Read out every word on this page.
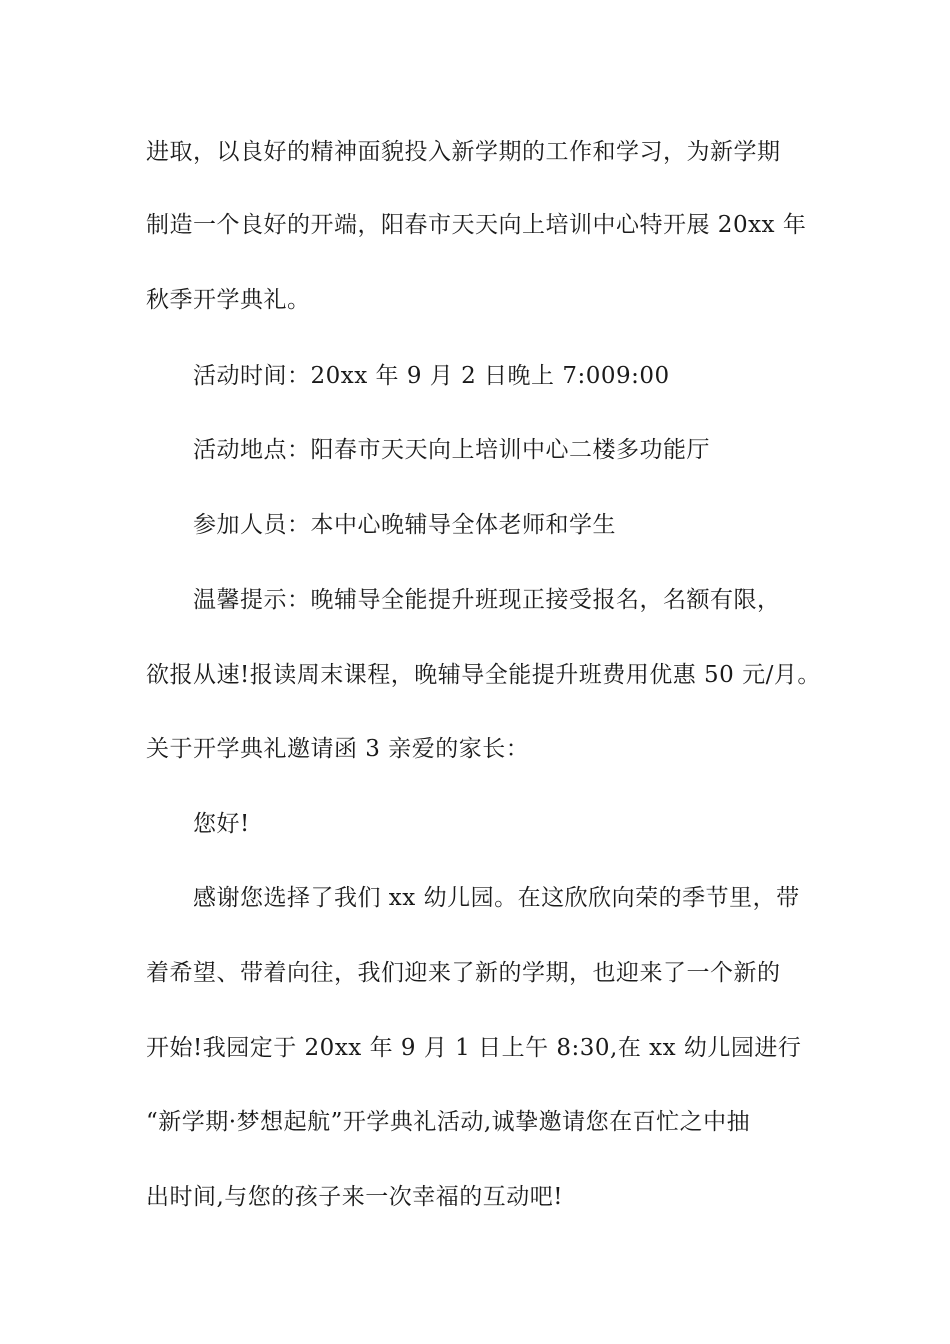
进取，以良好的精神面貌投入新学期的工作和学习，为新学期
制造一个良好的开端，阳春市天天向上培训中心特开展 20xx 年
秋季开学典礼。
活动时间：20xx 年 9 月 2 日晚上 7:009:00
活动地点：阳春市天天向上培训中心二楼多功能厅
参加人员：本中心晚辅导全体老师和学生
温馨提示：晚辅导全能提升班现正接受报名，名额有限，
欲报从速!报读周末课程，晚辅导全能提升班费用优惠 50 元/月。
关于开学典礼邀请函 3 亲爱的家长：
您好!
感谢您选择了我们 xx 幼儿园。在这欣欣向荣的季节里，带
着希望、带着向往，我们迎来了新的学期，也迎来了一个新的
开始!我园定于 20xx 年 9 月 1 日上午 8:30,在 xx 幼儿园进行
“新学期·梦想起航”开学典礼活动,诚挚邀请您在百忙之中抽
出时间,与您的孩子来一次幸福的互动吧!
